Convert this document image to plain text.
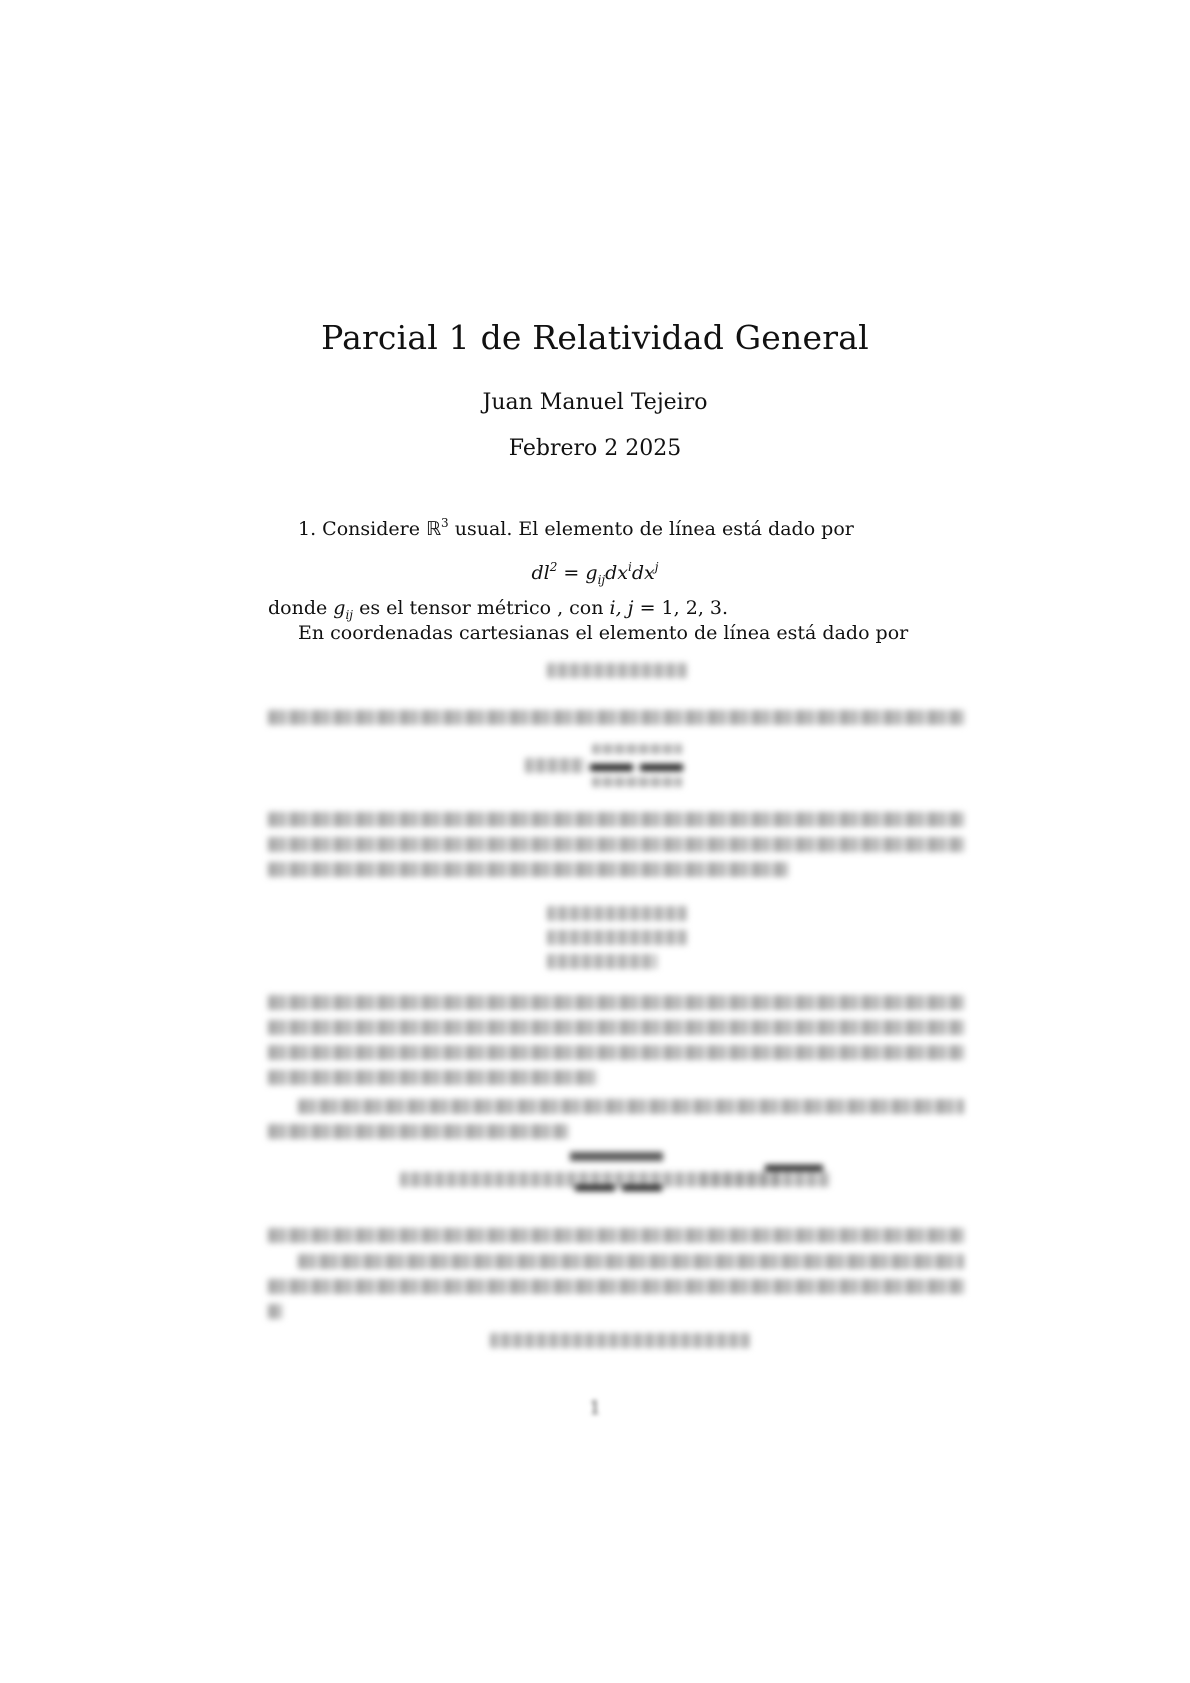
Parcial 1 de Relatividad General
Juan Manuel Tejeiro
Febrero 2 2025
1. Considere ℝ$^3$ usual. El elemento de línea está dado por
$dl^2 = g_{ij}dx^idx^j$
donde $g_{ij}$ es el tensor métrico , con i, j = 1, 2, 3.
En coordenadas cartesianas el elemento de línea está dado por
1
